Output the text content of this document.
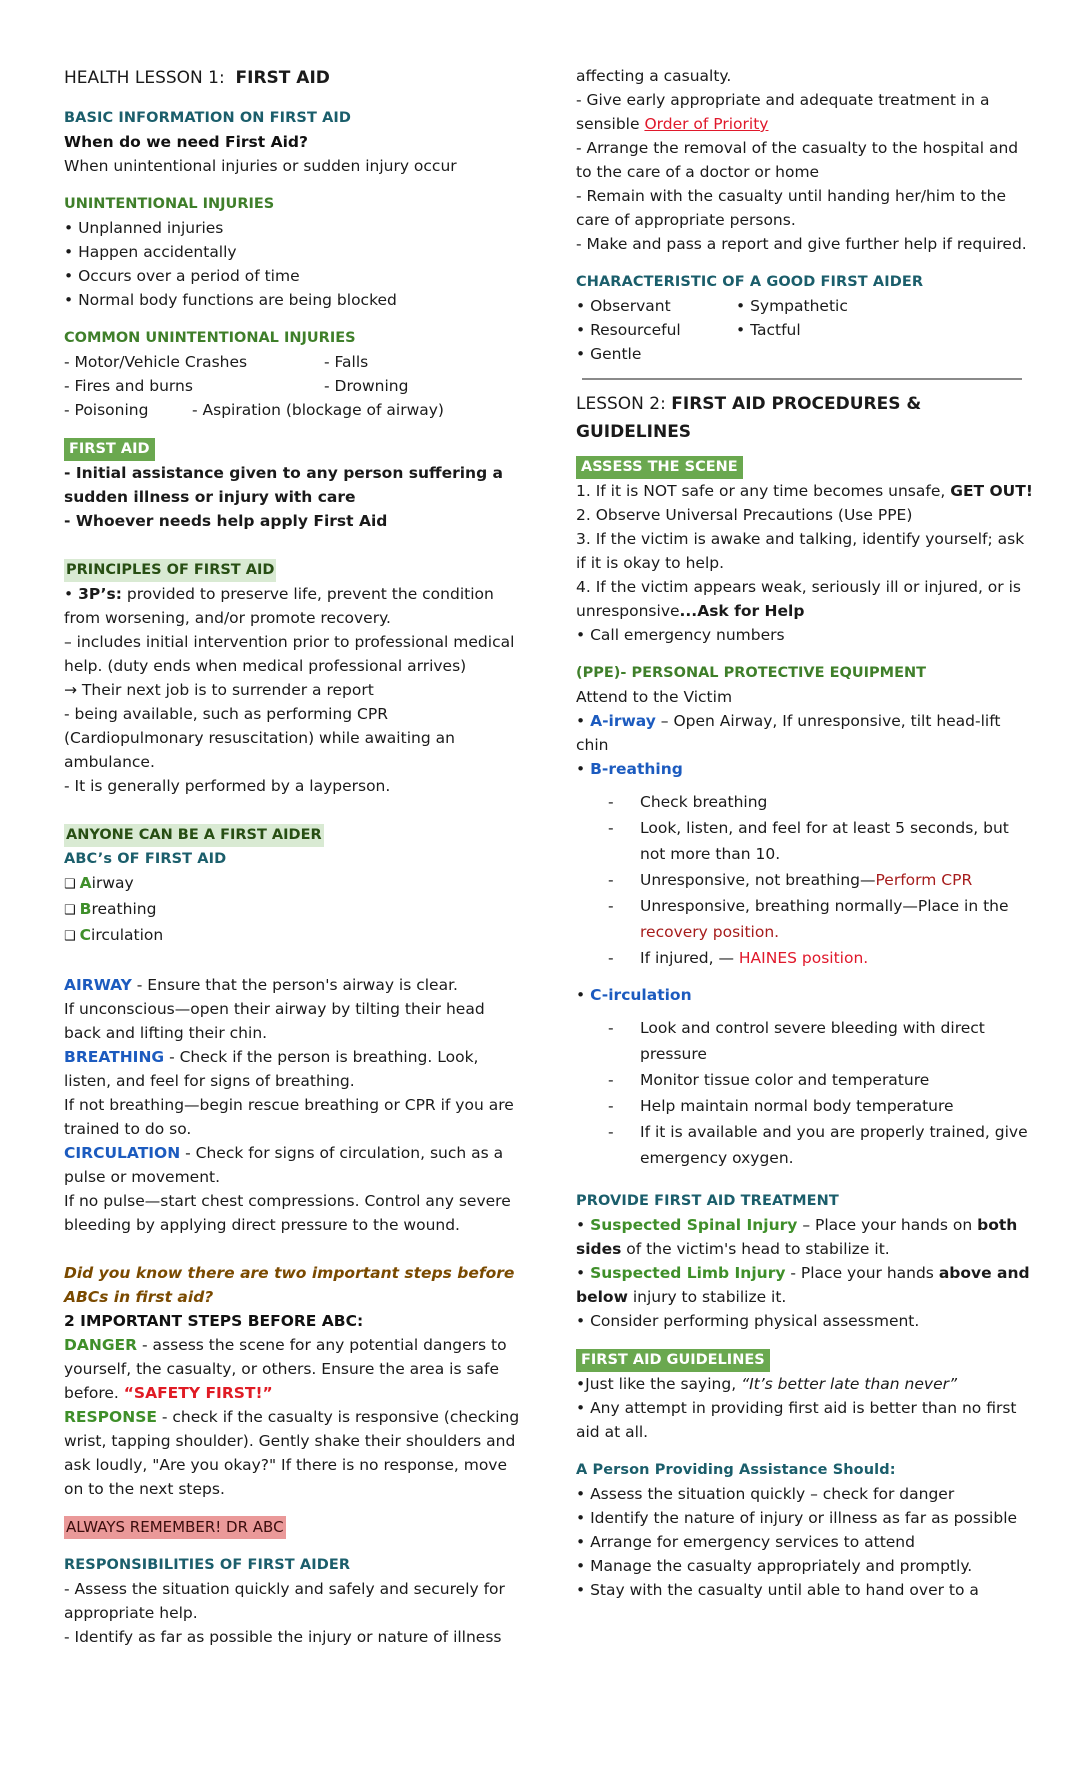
HEALTH LESSON 1: FIRST AID

BASIC INFORMATION ON FIRST AID

When do we need First Aid?

When unintentional injuries or sudden injury occur

UNINTENTIONAL INJURIES

• Unplanned injuries

• Happen accidentally

• Occurs over a period of time

• Normal body functions are being blocked

COMMON UNINTENTIONAL INJURIES

- Motor/Vehicle Crashes	- Falls
- Fires and burns	- Drowning
- Poisoning	- Aspiration (blockage of airway)
FIRST AID

- Initial assistance given to any person suffering a sudden illness or injury with care

- Whoever needs help apply First Aid

PRINCIPLES OF FIRST AID

• 3P’s: provided to preserve life, prevent the condition from worsening, and/or promote recovery.

– includes initial intervention prior to professional medical help. (duty ends when medical professional arrives)

→ Their next job is to surrender a report

- being available, such as performing CPR (Cardiopulmonary resuscitation) while awaiting an ambulance.

- It is generally performed by a layperson.

ANYONE CAN BE A FIRST AIDER

ABC’s OF FIRST AID

❑ Airway

❑ Breathing

❑ Circulation

AIRWAY - Ensure that the person's airway is clear.

If unconscious—open their airway by tilting their head back and lifting their chin.

BREATHING - Check if the person is breathing. Look, listen, and feel for signs of breathing.

If not breathing—begin rescue breathing or CPR if you are trained to do so.

CIRCULATION - Check for signs of circulation, such as a pulse or movement.

If no pulse—start chest compressions. Control any severe bleeding by applying direct pressure to the wound.

Did you know there are two important steps before ABCs in first aid?

2 IMPORTANT STEPS BEFORE ABC:

DANGER - assess the scene for any potential dangers to yourself, the casualty, or others. Ensure the area is safe before. “SAFETY FIRST!”

RESPONSE - check if the casualty is responsive (checking wrist, tapping shoulder). Gently shake their shoulders and ask loudly, "Are you okay?" If there is no response, move on to the next steps.

ALWAYS REMEMBER! DR ABC

RESPONSIBILITIES OF FIRST AIDER

- Assess the situation quickly and safely and securely for appropriate help.

- Identify as far as possible the injury or nature of illness

affecting a casualty.

- Give early appropriate and adequate treatment in a sensible Order of Priority

- Arrange the removal of the casualty to the hospital and to the care of a doctor or home

- Remain with the casualty until handing her/him to the care of appropriate persons.

- Make and pass a report and give further help if required.

CHARACTERISTIC OF A GOOD FIRST AIDER

• Observant	• Sympathetic
• Resourceful	• Tactful
• Gentle
LESSON 2: FIRST AID PROCEDURES & GUIDELINES
ASSESS THE SCENE

1. If it is NOT safe or any time becomes unsafe, GET OUT!

2. Observe Universal Precautions (Use PPE)

3. If the victim is awake and talking, identify yourself; ask if it is okay to help.

4. If the victim appears weak, seriously ill or injured, or is unresponsive...Ask for Help

• Call emergency numbers

(PPE)- PERSONAL PROTECTIVE EQUIPMENT

Attend to the Victim

• A-irway – Open Airway, If unresponsive, tilt head-lift chin

• B-reathing

-	Check breathing
-	Look, listen, and feel for at least 5 seconds, but not more than 10.
-	Unresponsive, not breathing—Perform CPR
-	Unresponsive, breathing normally—Place in the recovery position.
-	If injured, — HAINES position.

• C-irculation

-	Look and control severe bleeding with direct pressure
-	Monitor tissue color and temperature
-	Help maintain normal body temperature
-	If it is available and you are properly trained, give emergency oxygen.

PROVIDE FIRST AID TREATMENT

• Suspected Spinal Injury – Place your hands on both sides of the victim's head to stabilize it.

• Suspected Limb Injury - Place your hands above and below injury to stabilize it.

• Consider performing physical assessment.

FIRST AID GUIDELINES

•Just like the saying, “It’s better late than never”

• Any attempt in providing first aid is better than no first aid at all.

A Person Providing Assistance Should:

• Assess the situation quickly – check for danger

• Identify the nature of injury or illness as far as possible

• Arrange for emergency services to attend

• Manage the casualty appropriately and promptly.

• Stay with the casualty until able to hand over to a
